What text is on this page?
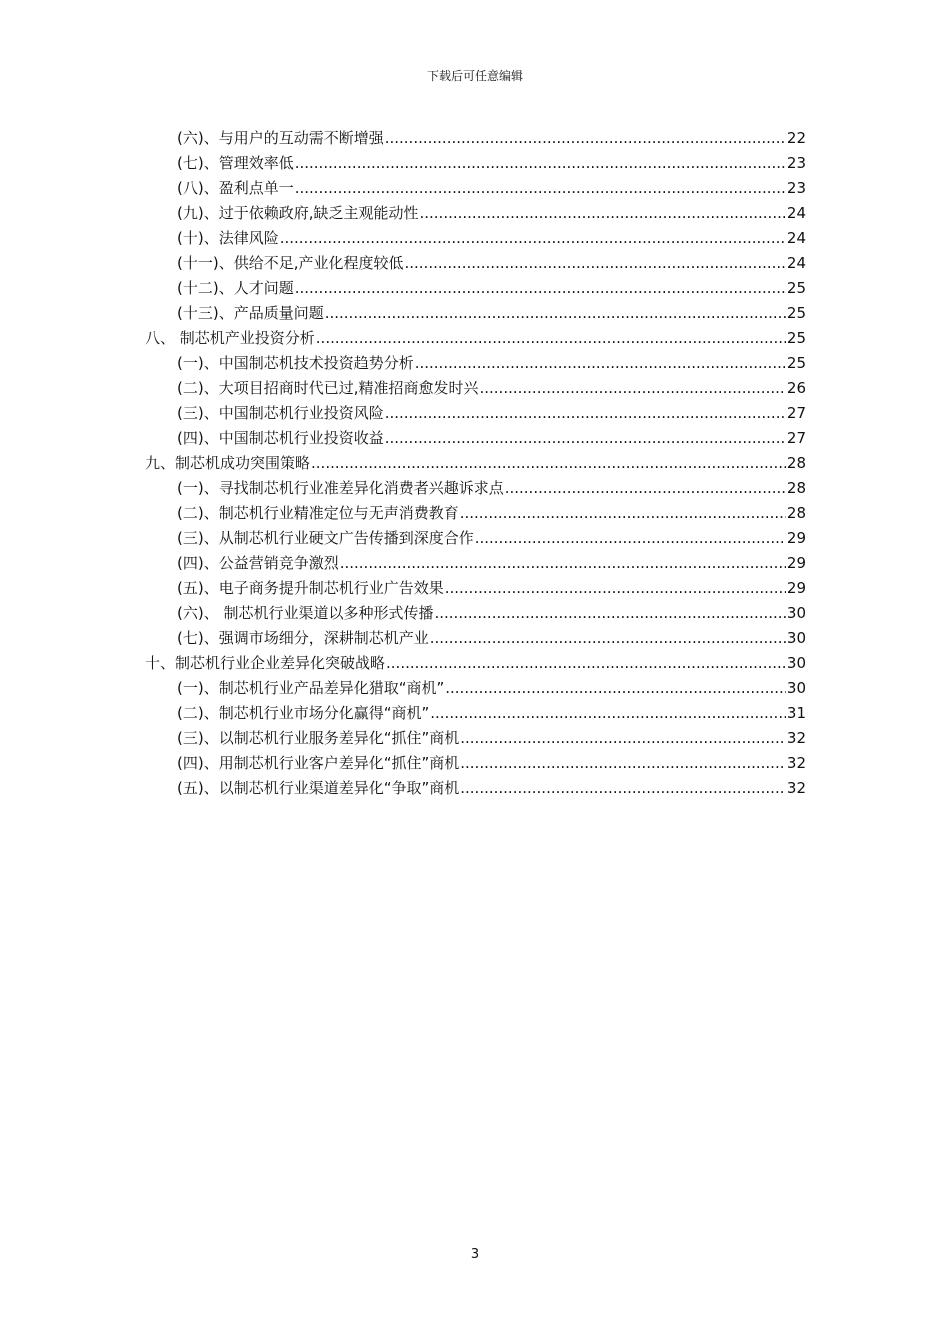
下载后可任意编辑
(六)、与用户的互动需不断增强 .....	22
(七)、管理效率低 .....	23
(八)、盈利点单一 .....	23
(九)、过于依赖政府,缺乏主观能动性 .....	24
(十)、法律风险 .....	24
(十一)、供给不足,产业化程度较低 .....	24
(十二)、人才问题 .....	25
(十三)、产品质量问题 .....	25
八、 制芯机产业投资分析 .....	25
(一)、中国制芯机技术投资趋势分析 .....	25
(二)、大项目招商时代已过,精准招商愈发时兴 .....	26
(三)、中国制芯机行业投资风险 .....	27
(四)、中国制芯机行业投资收益 .....	27
九、制芯机成功突围策略 .....	28
(一)、寻找制芯机行业准差异化消费者兴趣诉求点 .....	28
(二)、制芯机行业精准定位与无声消费教育 .....	28
(三)、从制芯机行业硬文广告传播到深度合作 .....	29
(四)、公益营销竞争激烈 .....	29
(五)、电子商务提升制芯机行业广告效果 .....	29
(六)、 制芯机行业渠道以多种形式传播 .....	30
(七)、强调市场细分，深耕制芯机产业 .....	30
十、制芯机行业企业差异化突破战略 .....	30
(一)、制芯机行业产品差异化猎取“商机” .....	30
(二)、制芯机行业市场分化赢得“商机” .....	31
(三)、以制芯机行业服务差异化“抓住”商机 .....	32
(四)、用制芯机行业客户差异化“抓住”商机 .....	32
(五)、以制芯机行业渠道差异化“争取”商机 .....	32
3
